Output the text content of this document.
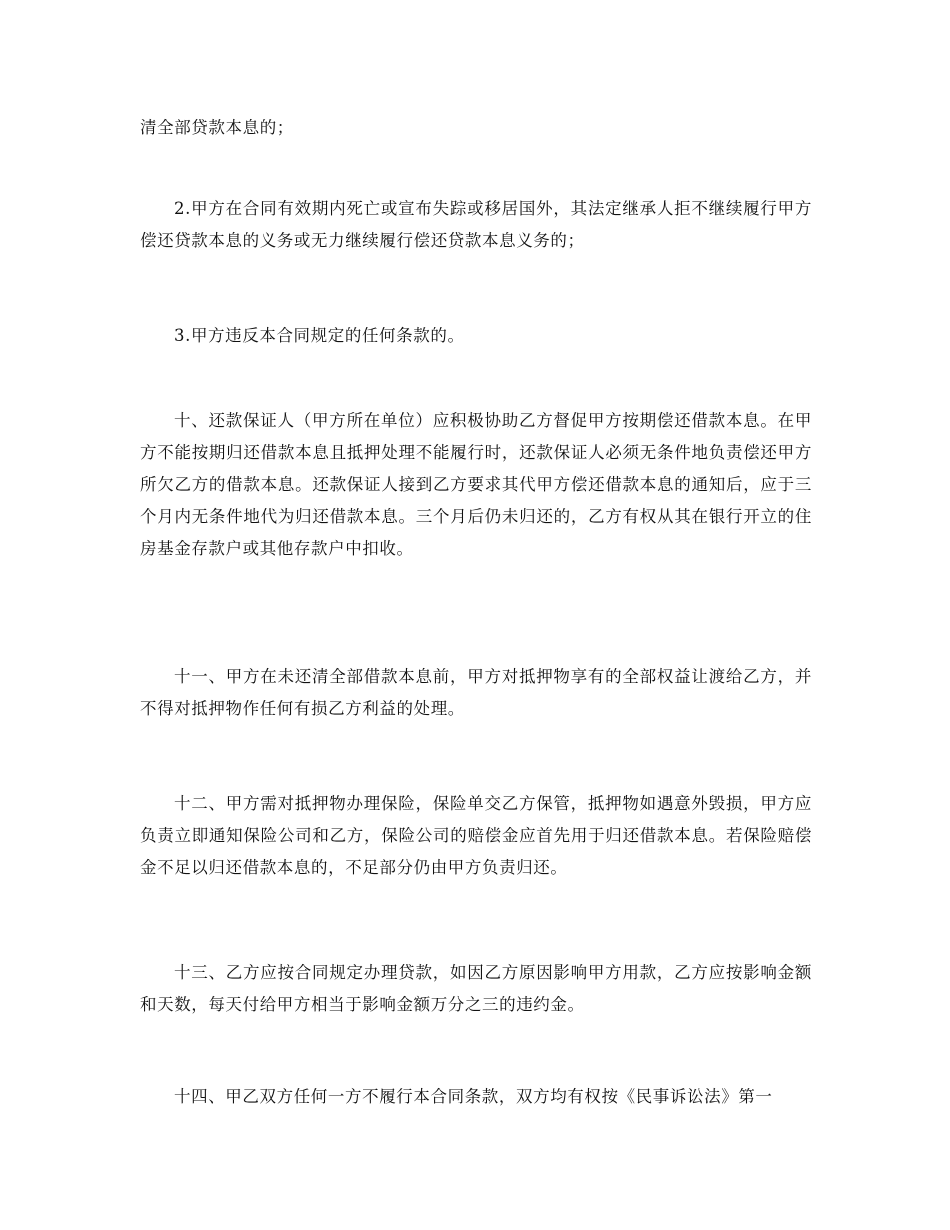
清全部贷款本息的；

2.甲方在合同有效期内死亡或宣布失踪或移居国外，其法定继承人拒不继续履行甲方偿还贷款本息的义务或无力继续履行偿还贷款本息义务的；

3.甲方违反本合同规定的任何条款的。

十、还款保证人（甲方所在单位）应积极协助乙方督促甲方按期偿还借款本息。在甲方不能按期归还借款本息且抵押处理不能履行时，还款保证人必须无条件地负责偿还甲方所欠乙方的借款本息。还款保证人接到乙方要求其代甲方偿还借款本息的通知后，应于三个月内无条件地代为归还借款本息。三个月后仍未归还的，乙方有权从其在银行开立的住房基金存款户或其他存款户中扣收。

十一、甲方在未还清全部借款本息前，甲方对抵押物享有的全部权益让渡给乙方，并不得对抵押物作任何有损乙方利益的处理。

十二、甲方需对抵押物办理保险，保险单交乙方保管，抵押物如遇意外毁损，甲方应负责立即通知保险公司和乙方，保险公司的赔偿金应首先用于归还借款本息。若保险赔偿金不足以归还借款本息的，不足部分仍由甲方负责归还。

十三、乙方应按合同规定办理贷款，如因乙方原因影响甲方用款，乙方应按影响金额和天数，每天付给甲方相当于影响金额万分之三的违约金。

十四、甲乙双方任何一方不履行本合同条款，双方均有权按《民事诉讼法》第一
